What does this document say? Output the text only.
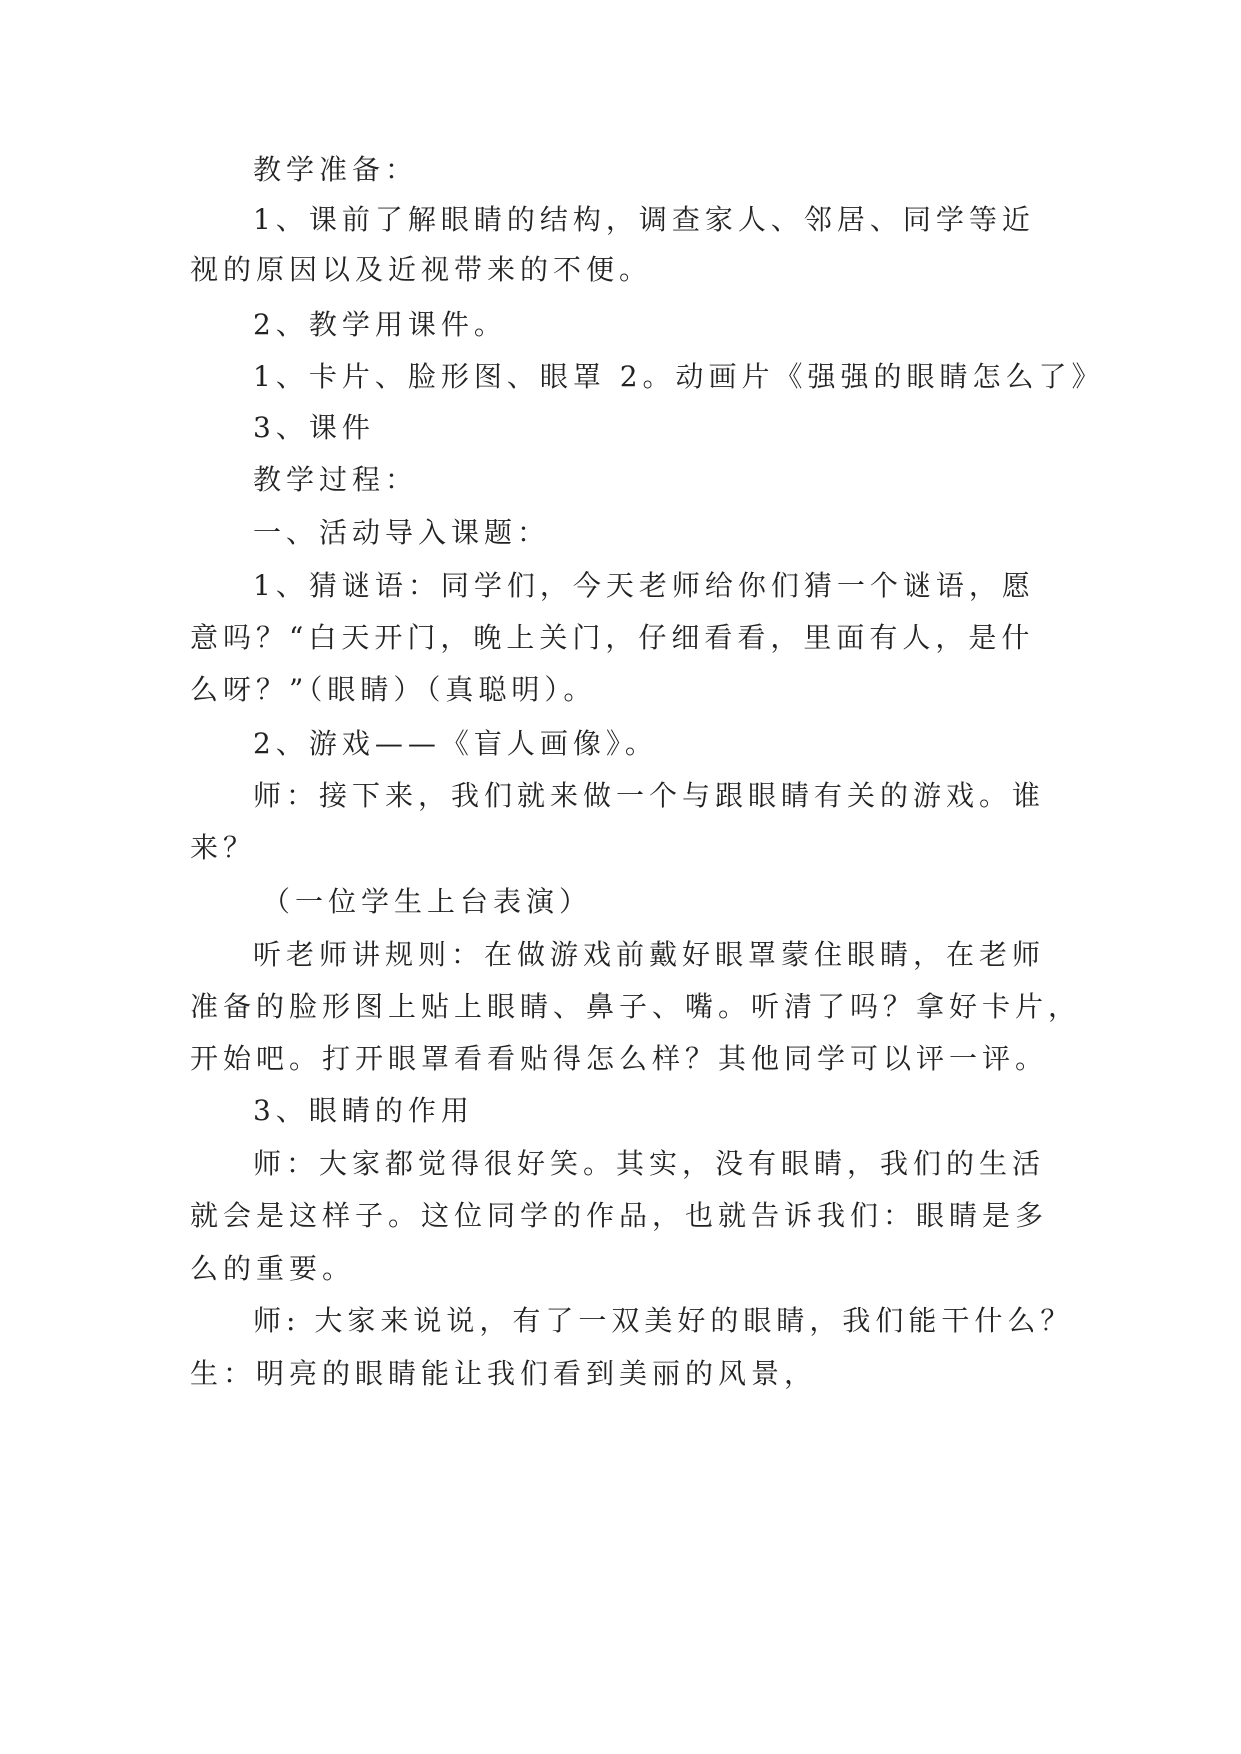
教学准备：
1、课前了解眼睛的结构，调查家人、邻居、同学等近
视的原因以及近视带来的不便。
2、教学用课件。
1、卡片、脸形图、眼罩 2。动画片《强强的眼睛怎么了》
3、课件
教学过程：
一、活动导入课题：
1、猜谜语：同学们，今天老师给你们猜一个谜语，愿
意吗？“白天开门，晚上关门，仔细看看，里面有人，是什
么呀？”（眼睛）（真聪明）。
2、游戏——《盲人画像》。
师：接下来，我们就来做一个与跟眼睛有关的游戏。谁
来？
（一位学生上台表演）
听老师讲规则：在做游戏前戴好眼罩蒙住眼睛，在老师
准备的脸形图上贴上眼睛、鼻子、嘴。听清了吗？拿好卡片，
开始吧。打开眼罩看看贴得怎么样？其他同学可以评一评。
3、眼睛的作用
师：大家都觉得很好笑。其实，没有眼睛，我们的生活
就会是这样子。这位同学的作品，也就告诉我们：眼睛是多
么的重要。
师: 大家来说说，有了一双美好的眼睛，我们能干什么？
生：明亮的眼睛能让我们看到美丽的风景，
